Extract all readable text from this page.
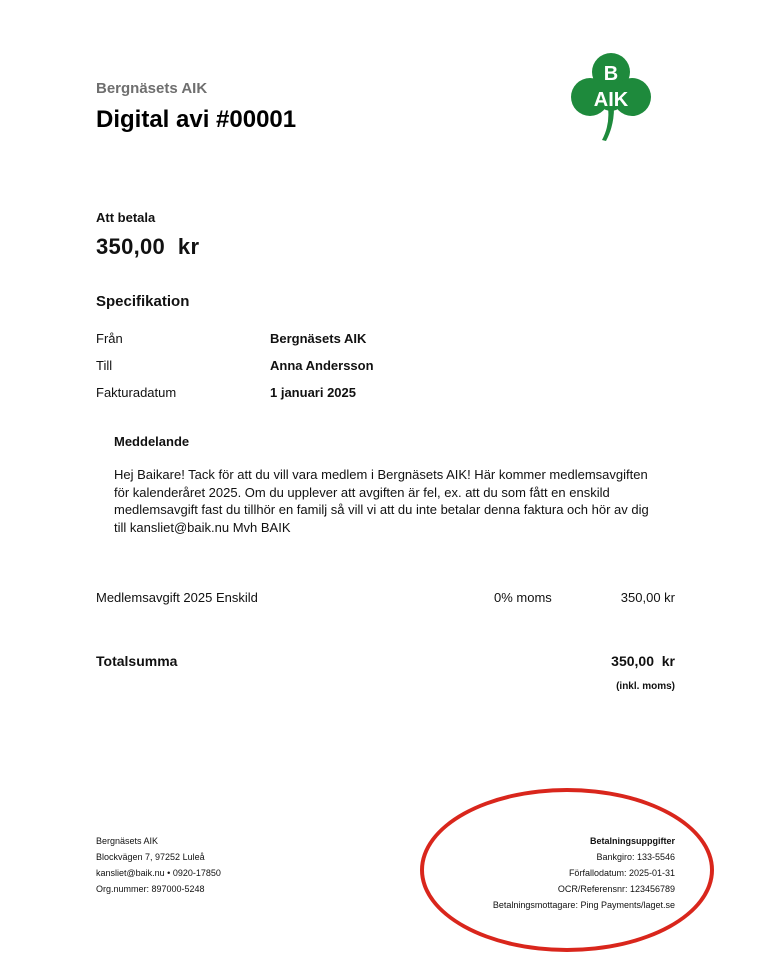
Bergnäsets AIK
Digital avi #00001
B
AIK
Att betala
350,00  kr
Specifikation
Från	Bergnäsets AIK
Till	Anna Andersson
Fakturadatum	1 januari 2025
Meddelande
Hej Baikare! Tack för att du vill vara medlem i Bergnäsets AIK! Här kommer medlemsavgiften för kalenderåret 2025. Om du upplever att avgiften är fel, ex. att du som fått en enskild medlemsavgift fast du tillhör en familj så vill vi att du inte betalar denna faktura och hör av dig till kansliet@baik.nu Mvh BAIK
Medlemsavgift 2025 Enskild	0% moms	350,00 kr
Totalsumma	350,00  kr
(inkl. moms)
Bergnäsets AIK
Blockvägen 7, 97252 Luleå
kansliet@baik.nu • 0920-17850
Org.nummer: 897000-5248
Betalningsuppgifter
Bankgiro: 133-5546
Förfallodatum: 2025-01-31
OCR/Referensnr: 123456789
Betalningsmottagare: Ping Payments/laget.se
